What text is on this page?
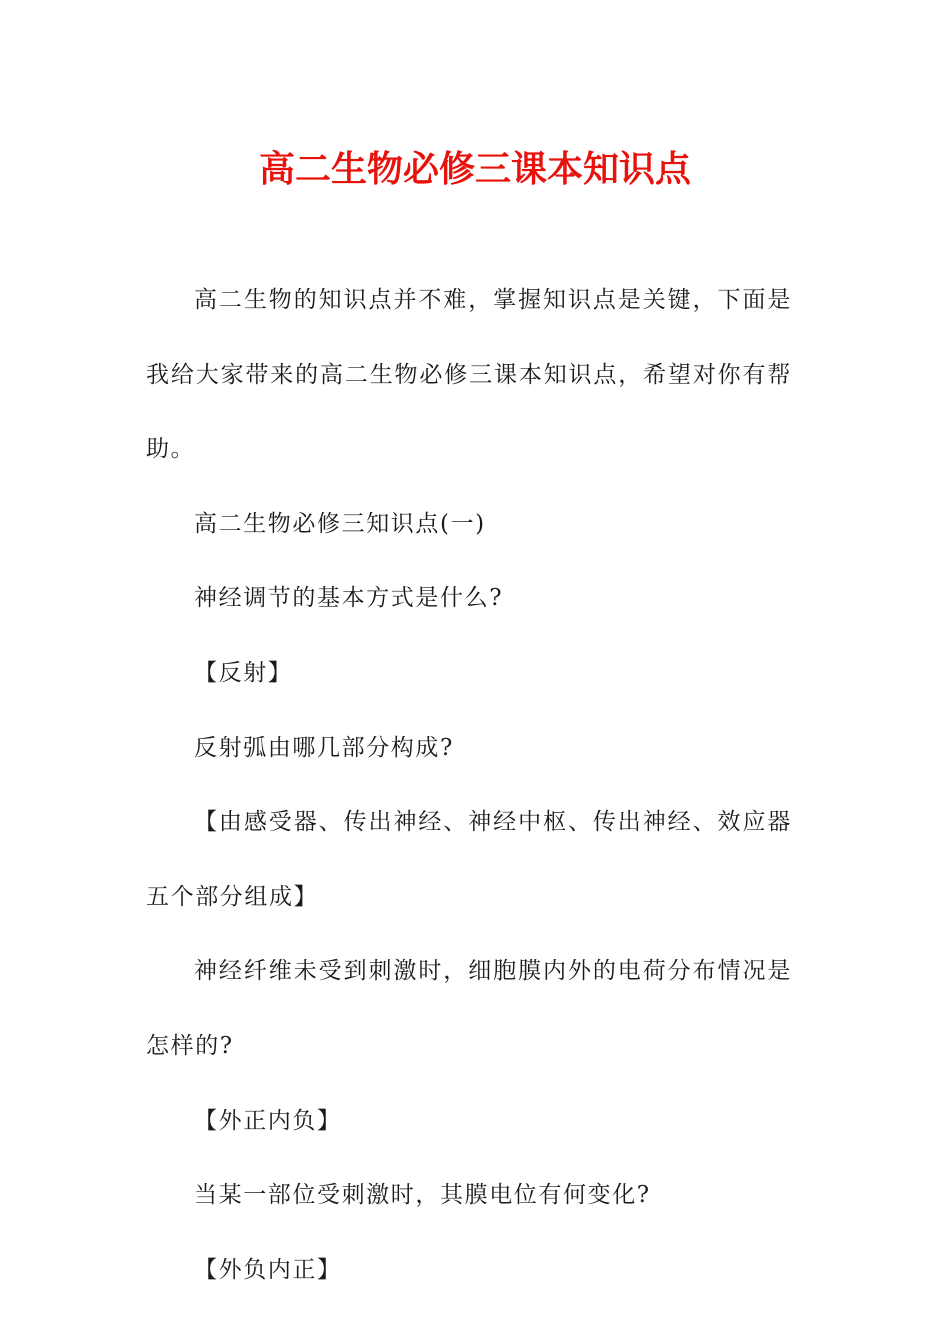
高二生物必修三课本知识点

高二生物的知识点并不难，掌握知识点是关键，下面是我给大家带来的高二生物必修三课本知识点，希望对你有帮助。

高二生物必修三知识点(一)

神经调节的基本方式是什么?

【反射】

反射弧由哪几部分构成?

【由感受器、传出神经、神经中枢、传出神经、效应器五个部分组成】

神经纤维未受到刺激时，细胞膜内外的电荷分布情况是怎样的?

【外正内负】

当某一部位受刺激时，其膜电位有何变化?

【外负内正】
